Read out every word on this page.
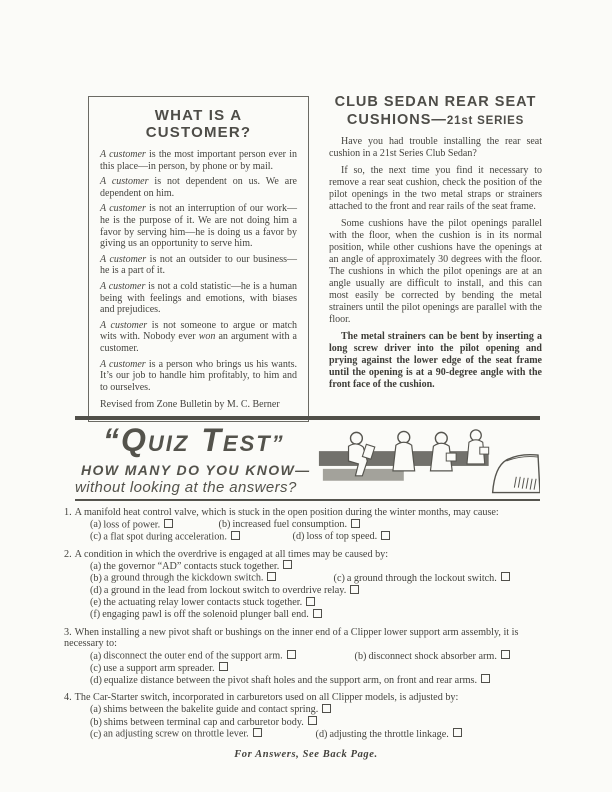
WHAT IS A CUSTOMER?

A customer is the most important person ever in this place—in person, by phone or by mail.

A customer is not dependent on us. We are dependent on him.

A customer is not an interruption of our work—he is the purpose of it. We are not doing him a favor by serving him—he is doing us a favor by giving us an opportunity to serve him.

A customer is not an outsider to our business—he is a part of it.

A customer is not a cold statistic—he is a human being with feelings and emotions, with biases and prejudices.

A customer is not someone to argue or match wits with. Nobody ever won an argument with a customer.

A customer is a person who brings us his wants. It’s our job to handle him profitably, to him and to ourselves.

Revised from Zone Bulletin by M. C. Berner

CLUB SEDAN REAR SEAT
CUSHIONS—21st SERIES

Have you had trouble installing the rear seat cushion in a 21st Series Club Sedan?

If so, the next time you find it necessary to remove a rear seat cushion, check the position of the pilot openings in the two metal straps or strainers attached to the front and rear rails of the seat frame.

Some cushions have the pilot openings parallel with the floor, when the cushion is in its normal position, while other cushions have the openings at an angle of approximately 30 degrees with the floor. The cushions in which the pilot openings are at an angle usually are difficult to install, and this can most easily be corrected by bending the metal strainers until the pilot openings are parallel with the floor.

The metal strainers can be bent by inserting a long screw driver into the pilot opening and prying against the lower edge of the seat frame until the opening is at a 90-degree angle with the front face of the cushion.

“QUIZ TEST”
HOW MANY DO YOU KNOW—
without looking at the answers?

1. A manifold heat control valve, which is stuck in the open position during the winter months, may cause:

(a) loss of power.	(b) increased fuel consumption.
(c) a flat spot during acceleration.	(d) loss of top speed.

2. A condition in which the overdrive is engaged at all times may be caused by:

(a) the governor “AD” contacts stuck together.
(b) a ground through the kickdown switch.	(c) a ground through the lockout switch.
(d) a ground in the lead from lockout switch to overdrive relay.
(e) the actuating relay lower contacts stuck together.
(f) engaging pawl is off the solenoid plunger ball end.

3. When installing a new pivot shaft or bushings on the inner end of a Clipper lower support arm assembly, it is necessary to:

(a) disconnect the outer end of the support arm.	(b) disconnect shock absorber arm.
(c) use a support arm spreader.
(d) equalize distance between the pivot shaft holes and the support arm, on front and rear arms.

4. The Car-Starter switch, incorporated in carburetors used on all Clipper models, is adjusted by:

(a) shims between the bakelite guide and contact spring.
(b) shims between terminal cap and carburetor body.
(c) an adjusting screw on throttle lever.	(d) adjusting the throttle linkage.

For Answers, See Back Page.
